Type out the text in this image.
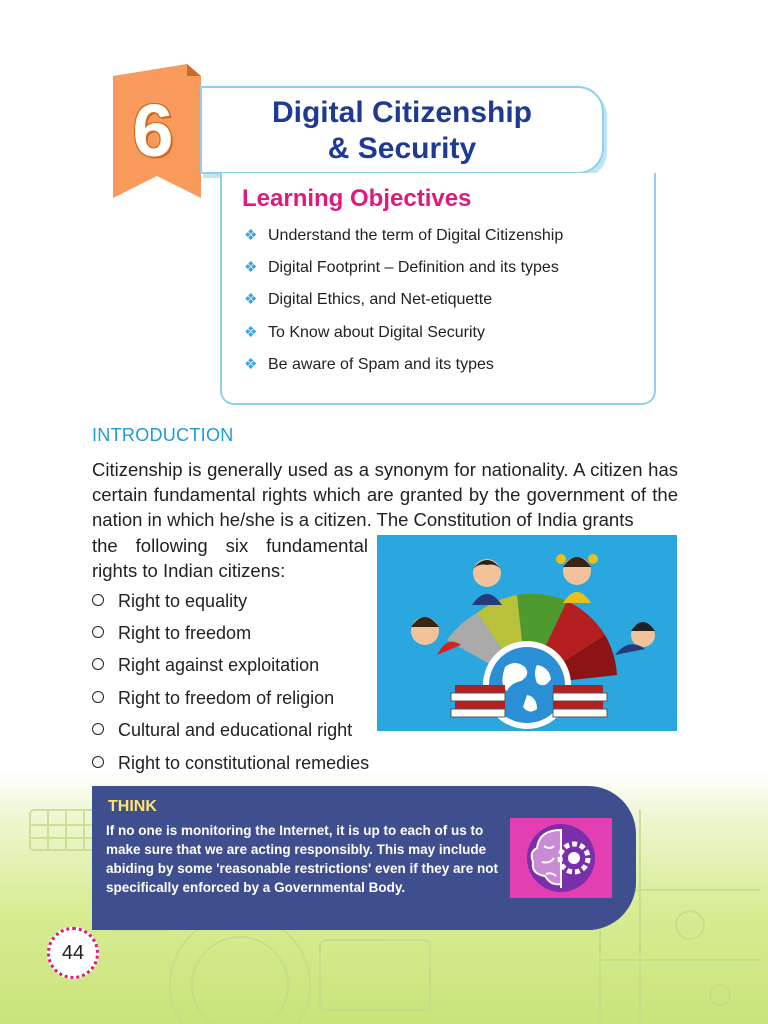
6	Digital Citizenship
& Security
Learning Objectives
❖ Understand the term of Digital Citizenship
❖ Digital Footprint – Definition and its types
❖ Digital Ethics, and Net-etiquette
❖ To Know about Digital Security
❖ Be aware of Spam and its types
INTRODUCTION
Citizenship is generally used as a synonym for nationality. A citizen has certain fundamental rights which are granted by the government of the nation in which he/she is a citizen. The Constitution of India grants
the following six fundamental
rights to Indian citizens:
Right to equality
Right to freedom
Right against exploitation
Right to freedom of religion
Cultural and educational right
Right to constitutional remedies
THINK
If no one is monitoring the Internet, it is up to each of us to make sure that we are acting responsibly. This may include abiding by some 'reasonable restrictions' even if they are not specifically enforced by a Governmental Body.
44
